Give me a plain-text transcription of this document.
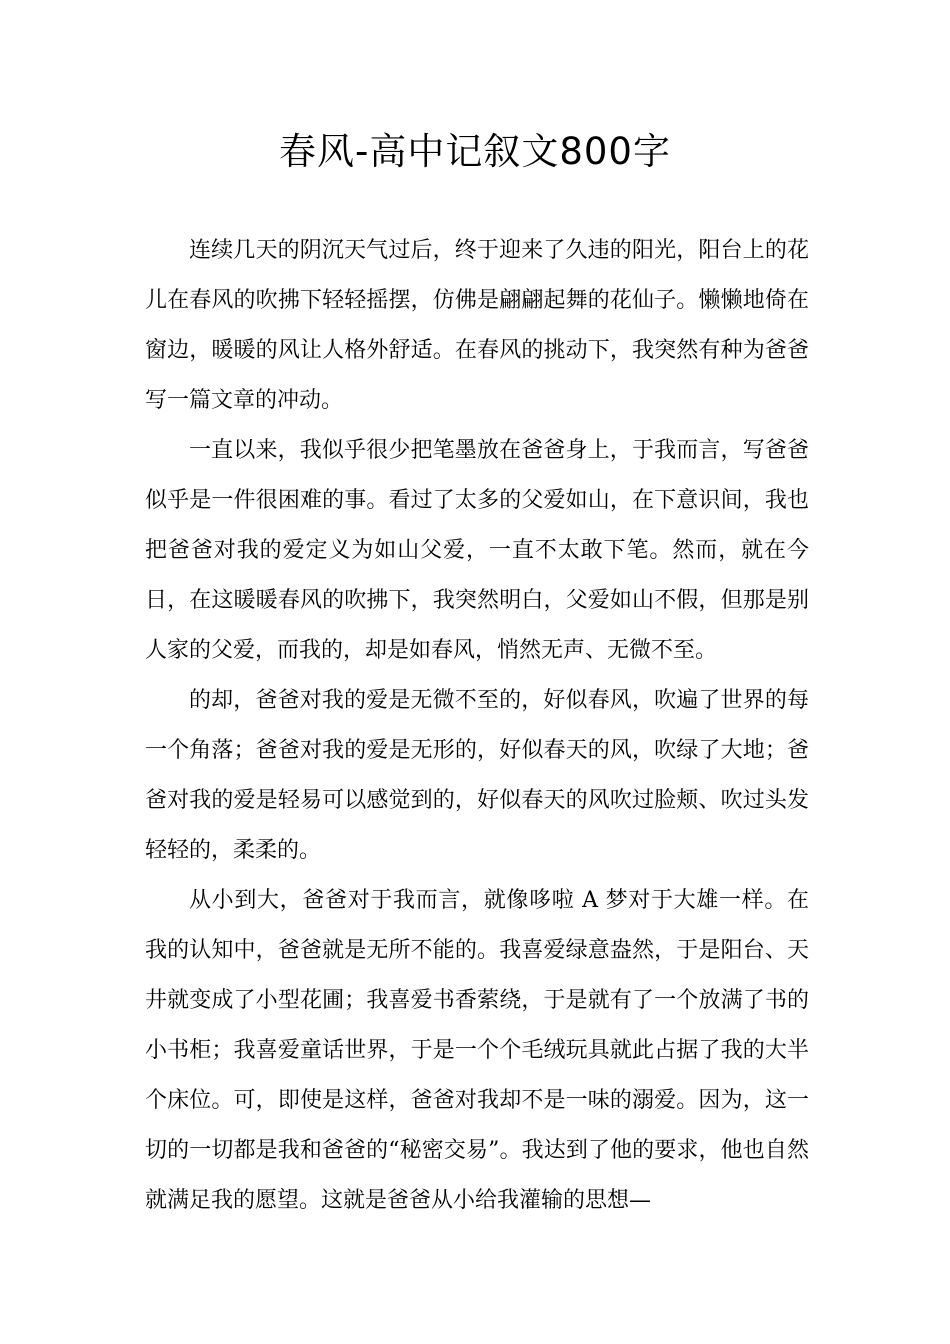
春风-高中记叙文800字

连续几天的阴沉天气过后，终于迎来了久违的阳光，阳台上的花儿在春风的吹拂下轻轻摇摆，仿佛是翩翩起舞的花仙子。懒懒地倚在窗边，暖暖的风让人格外舒适。在春风的挑动下，我突然有种为爸爸写一篇文章的冲动。

一直以来，我似乎很少把笔墨放在爸爸身上，于我而言，写爸爸似乎是一件很困难的事。看过了太多的父爱如山，在下意识间，我也把爸爸对我的爱定义为如山父爱，一直不太敢下笔。然而，就在今日，在这暖暖春风的吹拂下，我突然明白，父爱如山不假，但那是别人家的父爱，而我的，却是如春风，悄然无声、无微不至。

的却，爸爸对我的爱是无微不至的，好似春风，吹遍了世界的每一个角落；爸爸对我的爱是无形的，好似春天的风，吹绿了大地；爸爸对我的爱是轻易可以感觉到的，好似春天的风吹过脸颊、吹过头发轻轻的，柔柔的。

从小到大，爸爸对于我而言，就像哆啦 A 梦对于大雄一样。在我的认知中，爸爸就是无所不能的。我喜爱绿意盎然，于是阳台、天井就变成了小型花圃；我喜爱书香萦绕，于是就有了一个放满了书的小书柜；我喜爱童话世界，于是一个个毛绒玩具就此占据了我的大半个床位。可，即使是这样，爸爸对我却不是一味的溺爱。因为，这一切的一切都是我和爸爸的“秘密交易”。我达到了他的要求，他也自然就满足我的愿望。这就是爸爸从小给我灌输的思想—
